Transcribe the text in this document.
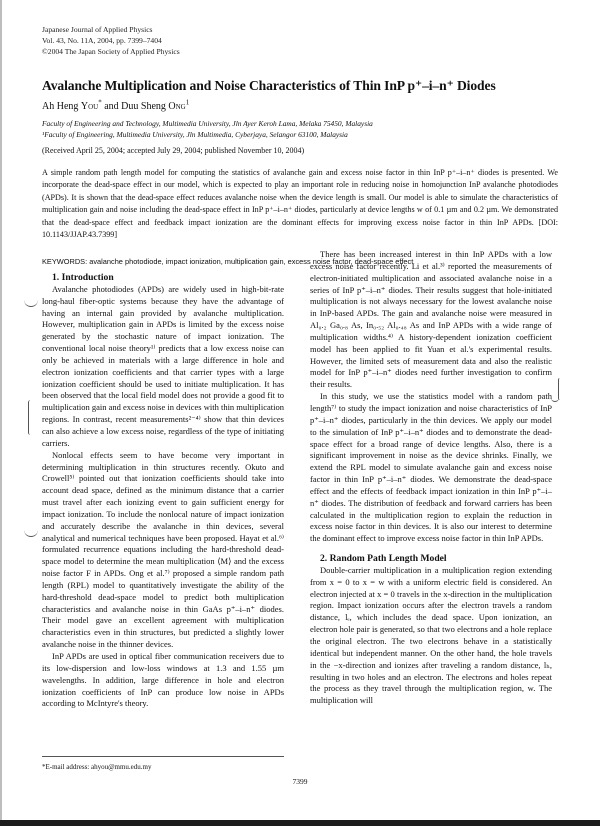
Japanese Journal of Applied Physics
Vol. 43, No. 11A, 2004, pp. 7399–7404
©2004 The Japan Society of Applied Physics
Avalanche Multiplication and Noise Characteristics of Thin InP p⁺–i–n⁺ Diodes
Ah Heng You* and Duu Sheng Ong$^1$
Faculty of Engineering and Technology, Multimedia University, Jln Ayer Keroh Lama, Melaka 75450, Malaysia
¹Faculty of Engineering, Multimedia University, Jln Multimedia, Cyberjaya, Selangor 63100, Malaysia
(Received April 25, 2004; accepted July 29, 2004; published November 10, 2004)
A simple random path length model for computing the statistics of avalanche gain and excess noise factor in thin InP p⁺–i–n⁺ diodes is presented. We incorporate the dead-space effect in our model, which is expected to play an important role in reducing noise in homojunction InP avalanche photodiodes (APDs). It is shown that the dead-space effect reduces avalanche noise when the device length is small. Our model is able to simulate the characteristics of multiplication gain and noise including the dead-space effect in InP p⁺–i–n⁺ diodes, particularly at device lengths w of 0.1 µm and 0.2 µm. We demonstrated that the dead-space effect and feedback impact ionization are the dominant effects for improving excess noise factor in thin InP APDs. [DOI: 10.1143/JJAP.43.7399]
KEYWORDS: avalanche photodiode, impact ionization, multiplication gain, excess noise factor, dead-space effect

1. Introduction

Avalanche photodiodes (APDs) are widely used in high-bit-rate long-haul fiber-optic systems because they have the advantage of having an internal gain provided by avalanche multiplication. However, multiplication gain in APDs is limited by the excess noise generated by the stochastic nature of impact ionization. The conventional local noise theory¹⁾ predicts that a low excess noise can only be achieved in materials with a large difference in hole and electron ionization coefficients and that carrier types with a large ionization coefficient should be used to initiate multiplication. It has been observed that the local field model does not provide a good fit to multiplication gain and excess noise in devices with thin multiplication regions. In contrast, recent measurements²⁻⁴⁾ show that thin devices can also achieve a low excess noise, regardless of the type of initiating carriers.

Nonlocal effects seem to have become very important in determining multiplication in thin structures recently. Okuto and Crowell⁵⁾ pointed out that ionization coefficients should take into account dead space, defined as the minimum distance that a carrier must travel after each ionizing event to gain sufficient energy for impact ionization. To include the nonlocal nature of impact ionization and accurately describe the avalanche in thin devices, several analytical and numerical techniques have been proposed. Hayat et al.⁶⁾ formulated recurrence equations including the hard-threshold dead-space model to determine the mean multiplication ⟨M⟩ and the excess noise factor F in APDs. Ong et al.⁷⁾ proposed a simple random path length (RPL) model to quantitatively investigate the ability of the hard-threshold dead-space model to predict both multiplication characteristics and avalanche noise in thin GaAs p⁺–i–n⁺ diodes. Their model gave an excellent agreement with multiplication characteristics even in thin structures, but predicted a slightly lower avalanche noise in the thinner devices.

InP APDs are used in optical fiber communication receivers due to its low-dispersion and low-loss windows at 1.3 and 1.55 µm wavelengths. In addition, large difference in hole and electron ionization coefficients of InP can produce low noise in APDs according to McIntyre's theory.

There has been increased interest in thin InP APDs with a low excess noise factor recently. Li et al.³⁾ reported the measurements of electron-initiated multiplication and associated avalanche noise in a series of InP p⁺–i–n⁺ diodes. Their results suggest that hole-initiated multiplication is not always necessary for the lowest avalanche noise in InP-based APDs. The gain and avalanche noise were measured in Al₀.₂ Ga₀.₈ As, In₀.₅₂ Al₀.₄₈ As and InP APDs with a wide range of multiplication widths.⁴⁾ A history-dependent ionization coefficient model has been applied to fit Yuan et al.'s experimental results. However, the limited sets of measurement data and also the realistic model for InP p⁺–i–n⁺ diodes need further investigation to confirm their results.

In this study, we use the statistics model with a random path length⁷⁾ to study the impact ionization and noise characteristics of InP p⁺–i–n⁺ diodes, particularly in the thin devices. We apply our model to the simulation of InP p⁺–i–n⁺ diodes and to demonstrate the dead-space effect for a broad range of device lengths. Also, there is a significant improvement in noise as the device shrinks. Finally, we extend the RPL model to simulate avalanche gain and excess noise factor in thin InP p⁺–i–n⁺ diodes. We demonstrate the dead-space effect and the effects of feedback impact ionization in thin InP p⁺–i–n⁺ diodes. The distribution of feedback and forward carriers has been calculated in the multiplication region to explain the reduction in excess noise factor in thin devices. It is also our interest to determine the dominant effect to improve excess noise factor in thin InP APDs.

2. Random Path Length Model

Double-carrier multiplication in a multiplication region extending from x = 0 to x = w with a uniform electric field is considered. An electron injected at x = 0 travels in the x-direction in the multiplication region. Impact ionization occurs after the electron travels a random distance, lₑ, which includes the dead space. Upon ionization, an electron hole pair is generated, so that two electrons and a hole replace the original electron. The two electrons behave in a statistically identical but independent manner. On the other hand, the hole travels in the −x-direction and ionizes after traveling a random distance, lₕ, resulting in two holes and an electron. The electrons and holes repeat the process as they travel through the multiplication region, w. The multiplication will

*E-mail address: ahyou@mmu.edu.my
7399
